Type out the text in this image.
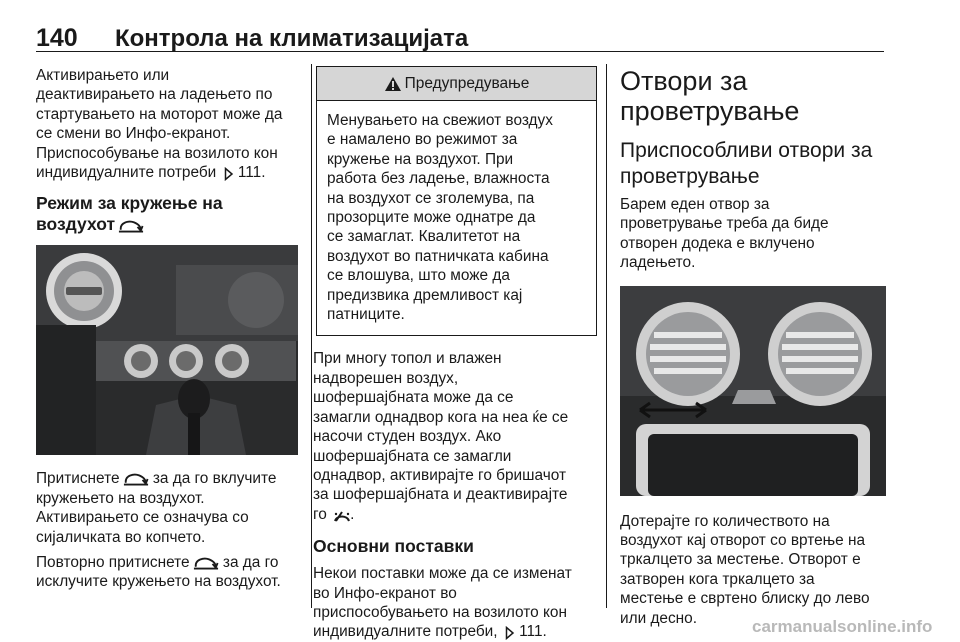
140 Контрола на климатизацијата

Активирањето или
деактивирањето на ладењето по
стартувањето на моторот може да
се смени во Инфо-екранот.
Приспособување на возилото кон
индивидуалните потреби 111.

Режим за кружење на
воздухот

Притиснете за да го вклучите
кружењето на воздухот.
Активирањето се означува со
сијаличката во копчето.

Повторно притиснете за да го
исклучите кружењето на воздухот.

Предупредување

Менувањето на свежиот воздух
е намалено во режимот за
кружење на воздухот. При
работа без ладење, влажноста
на воздухот се зголемува, па
прозорците може однатре да
се замаглат. Квалитетот на
воздухот во патничката кабина
се влошува, што може да
предизвика дремливост кај
патниците.

При многу топол и влажен
надворешен воздух,
шофершајбната може да се
замагли однадвор кога на неа ќе се
насочи студен воздух. Ако
шофершајбната се замагли
однадвор, активирајте го бришачот
за шофершајбната и деактивирајте
го .

Основни поставки

Некои поставки може да се изменат
во Инфо-екранот во
приспособувањето на возилото кон
индивидуалните потреби, 111.

Отвори за
проветрување
Приспособливи отвори за
проветрување

Барем еден отвор за
проветрување треба да биде
отворен додека е вклучено
ладењето.

Дотерајте го количеството на
воздухот кај отворот со вртење на
тркалцето за местење. Отворот е
затворен кога тркалцето за
местење е свртено блиску до лево
или десно.	carmanualsonline.info
